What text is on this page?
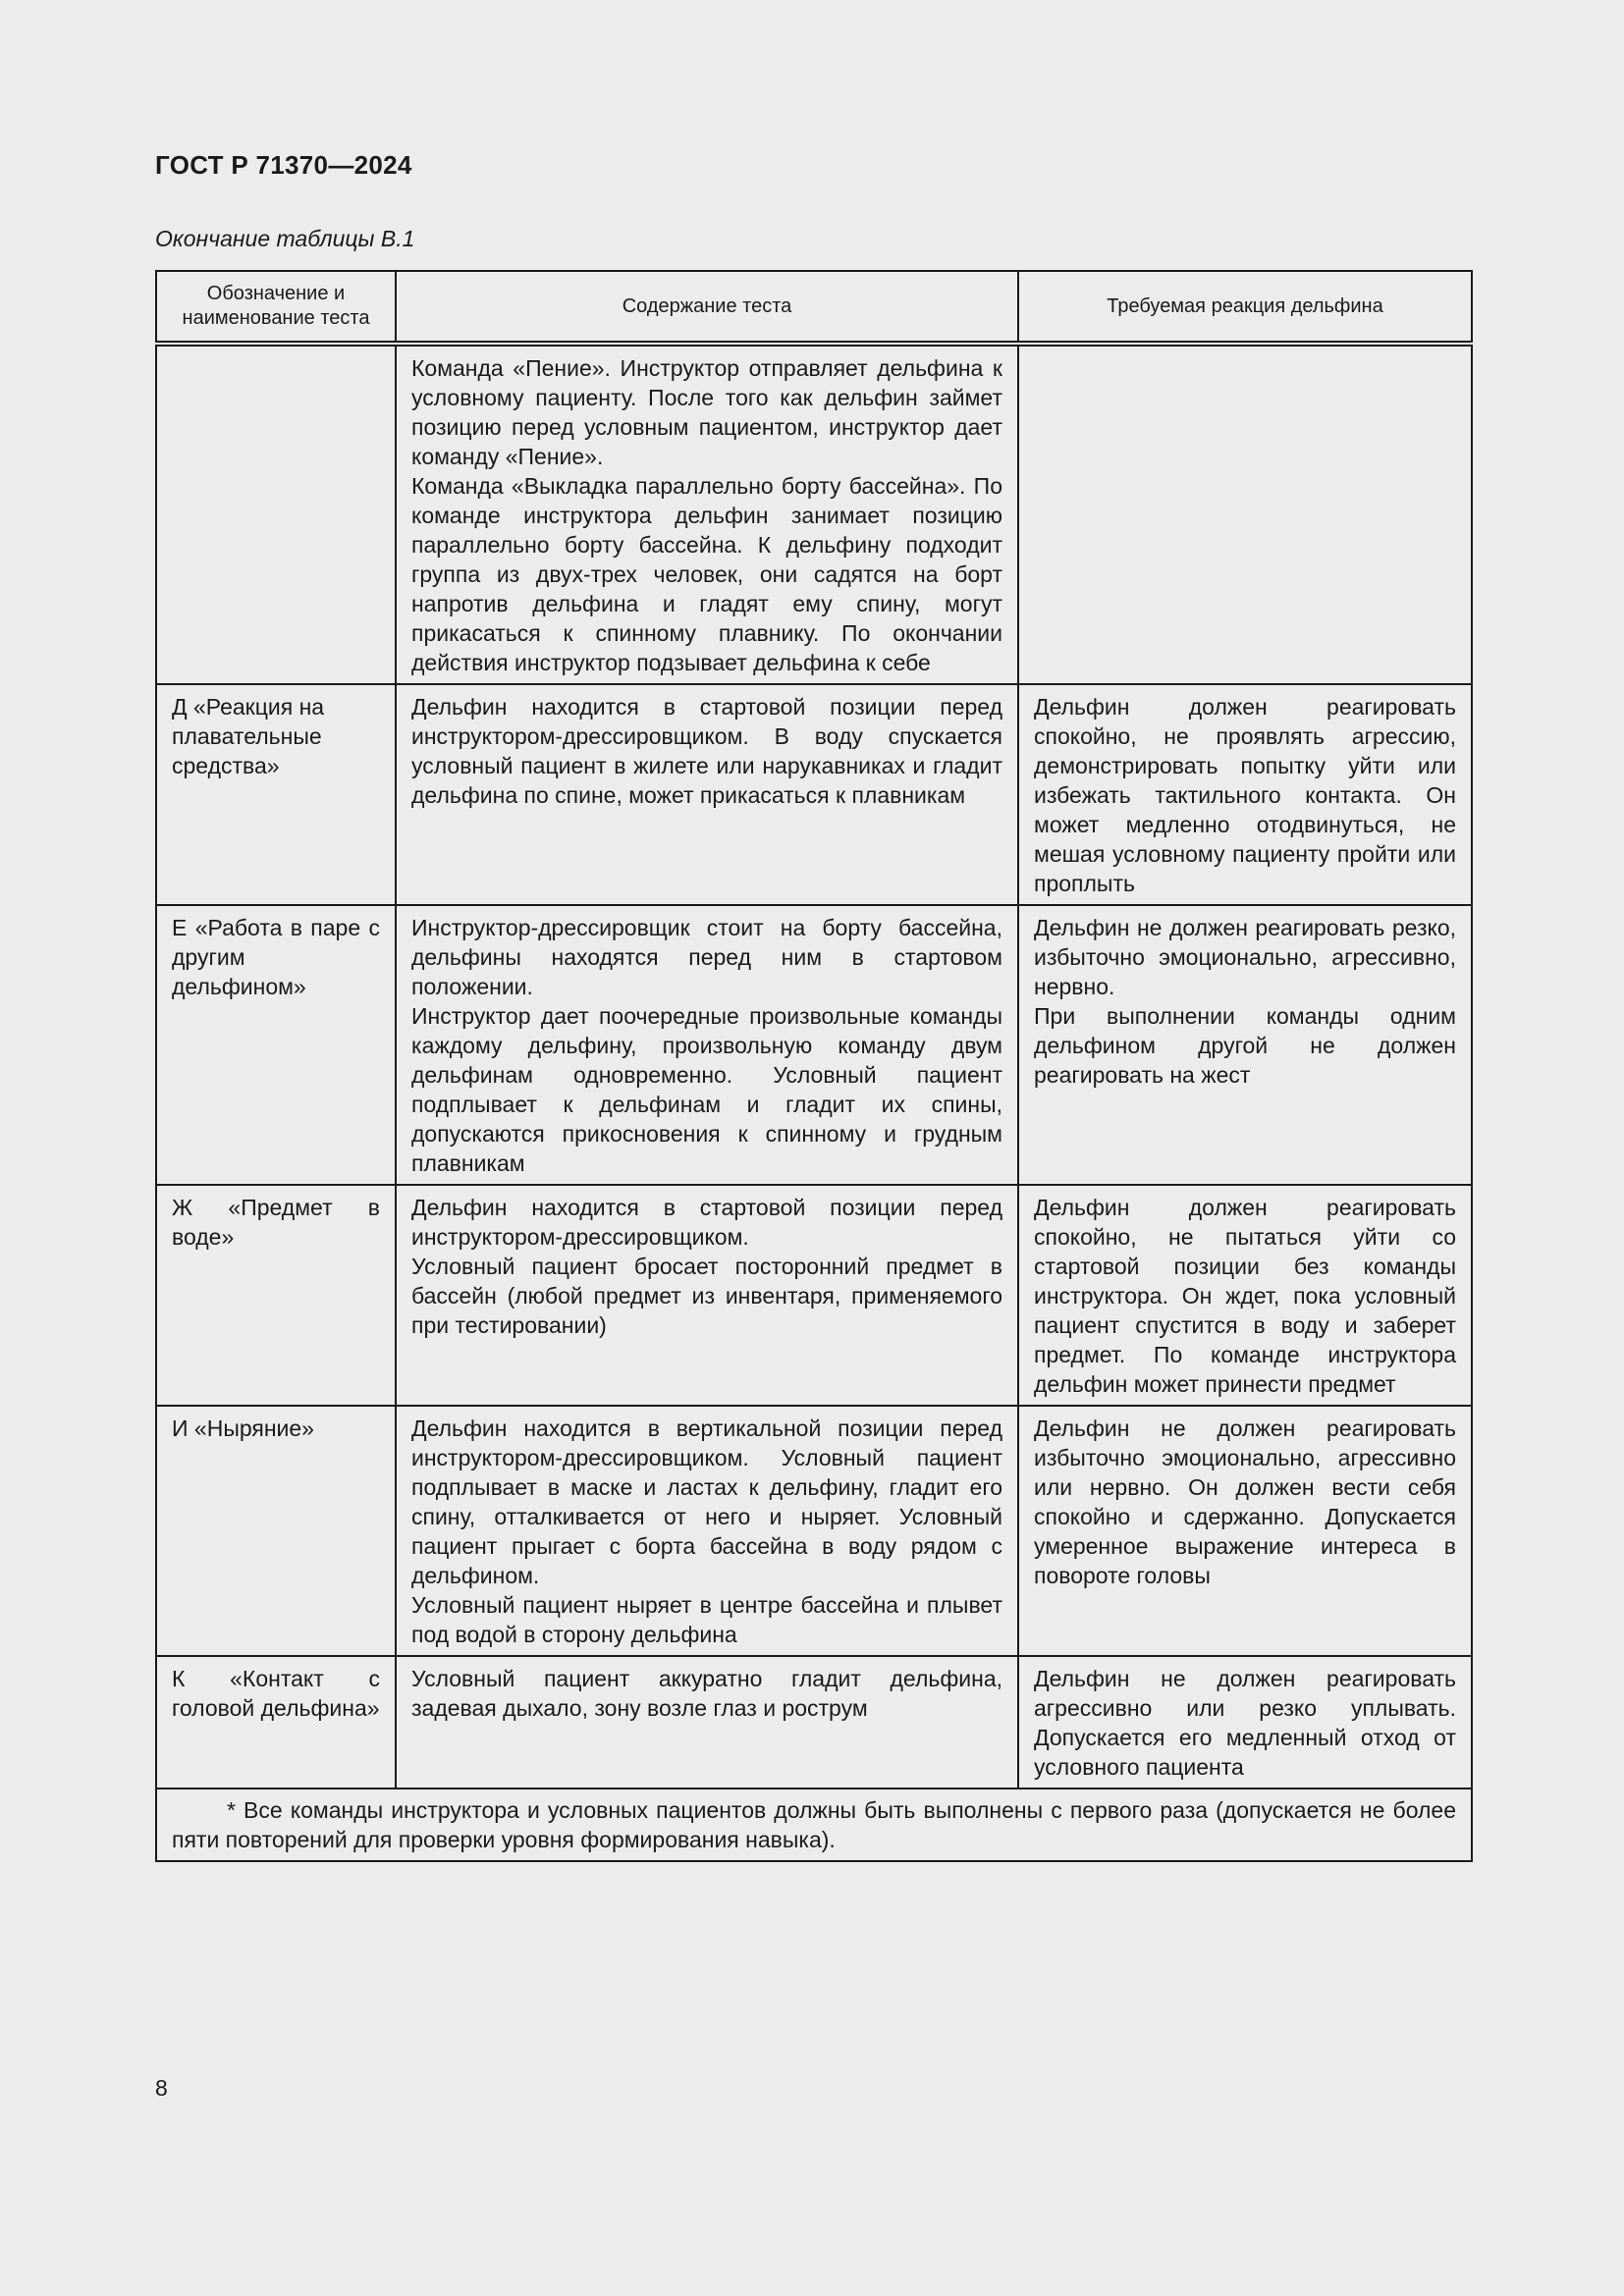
ГОСТ Р 71370—2024
Окончание таблицы В.1
Обозначение и наименование теста	Содержание теста	Требуемая реакция дельфина

	Команда «Пение». Инструктор отправляет дельфина к условному пациенту. После того как дельфин займет позицию перед условным пациентом, инструктор дает команду «Пение».
Команда «Выкладка параллельно борту бассейна». По команде инструктора дельфин занимает позицию параллельно борту бассейна. К дельфину подходит группа из двух-трех человек, они садятся на борт напротив дельфина и гладят ему спину, могут прикасаться к спинному плавнику. По окончании действия инструктор подзывает дельфина к себе	

Д «Реакция на плавательные средства»	Дельфин находится в стартовой позиции перед инструктором-дрессировщиком. В воду спускается условный пациент в жилете или нарукавниках и гладит дельфина по спине, может прикасаться к плавникам	Дельфин должен реагировать спокойно, не проявлять агрессию, демонстрировать попытку уйти или избежать тактильного контакта. Он может медленно отодвинуться, не мешая условному пациенту пройти или проплыть

Е «Работа в паре с другим дельфином»	Инструктор-дрессировщик стоит на борту бассейна, дельфины находятся перед ним в стартовом положении.
Инструктор дает поочередные произвольные команды каждому дельфину, произвольную команду двум дельфинам одновременно. Условный пациент подплывает к дельфинам и гладит их спины, допускаются прикосновения к спинному и грудным плавникам	Дельфин не должен реагировать резко, избыточно эмоционально, агрессивно, нервно.
При выполнении команды одним дельфином другой не должен реагировать на жест

Ж «Предмет в воде»	Дельфин находится в стартовой позиции перед инструктором-дрессировщиком.
Условный пациент бросает посторонний предмет в бассейн (любой предмет из инвентаря, применяемого при тестировании)	Дельфин должен реагировать спокойно, не пытаться уйти со стартовой позиции без команды инструктора. Он ждет, пока условный пациент спустится в воду и заберет предмет. По команде инструктора дельфин может принести предмет

И «Ныряние»	Дельфин находится в вертикальной позиции перед инструктором-дрессировщиком. Условный пациент подплывает в маске и ластах к дельфину, гладит его спину, отталкивается от него и ныряет. Условный пациент прыгает с борта бассейна в воду рядом с дельфином.
Условный пациент ныряет в центре бассейна и плывет под водой в сторону дельфина	Дельфин не должен реагировать избыточно эмоционально, агрессивно или нервно. Он должен вести себя спокойно и сдержанно. Допускается умеренное выражение интереса в повороте головы

К «Контакт с головой дельфина»	Условный пациент аккуратно гладит дельфина, задевая дыхало, зону возле глаз и рострум	Дельфин не должен реагировать агрессивно или резко уплывать. Допускается его медленный отход от условного пациента

* Все команды инструктора и условных пациентов должны быть выполнены с первого раза (допускается не более пяти повторений для проверки уровня формирования навыка).		
8
